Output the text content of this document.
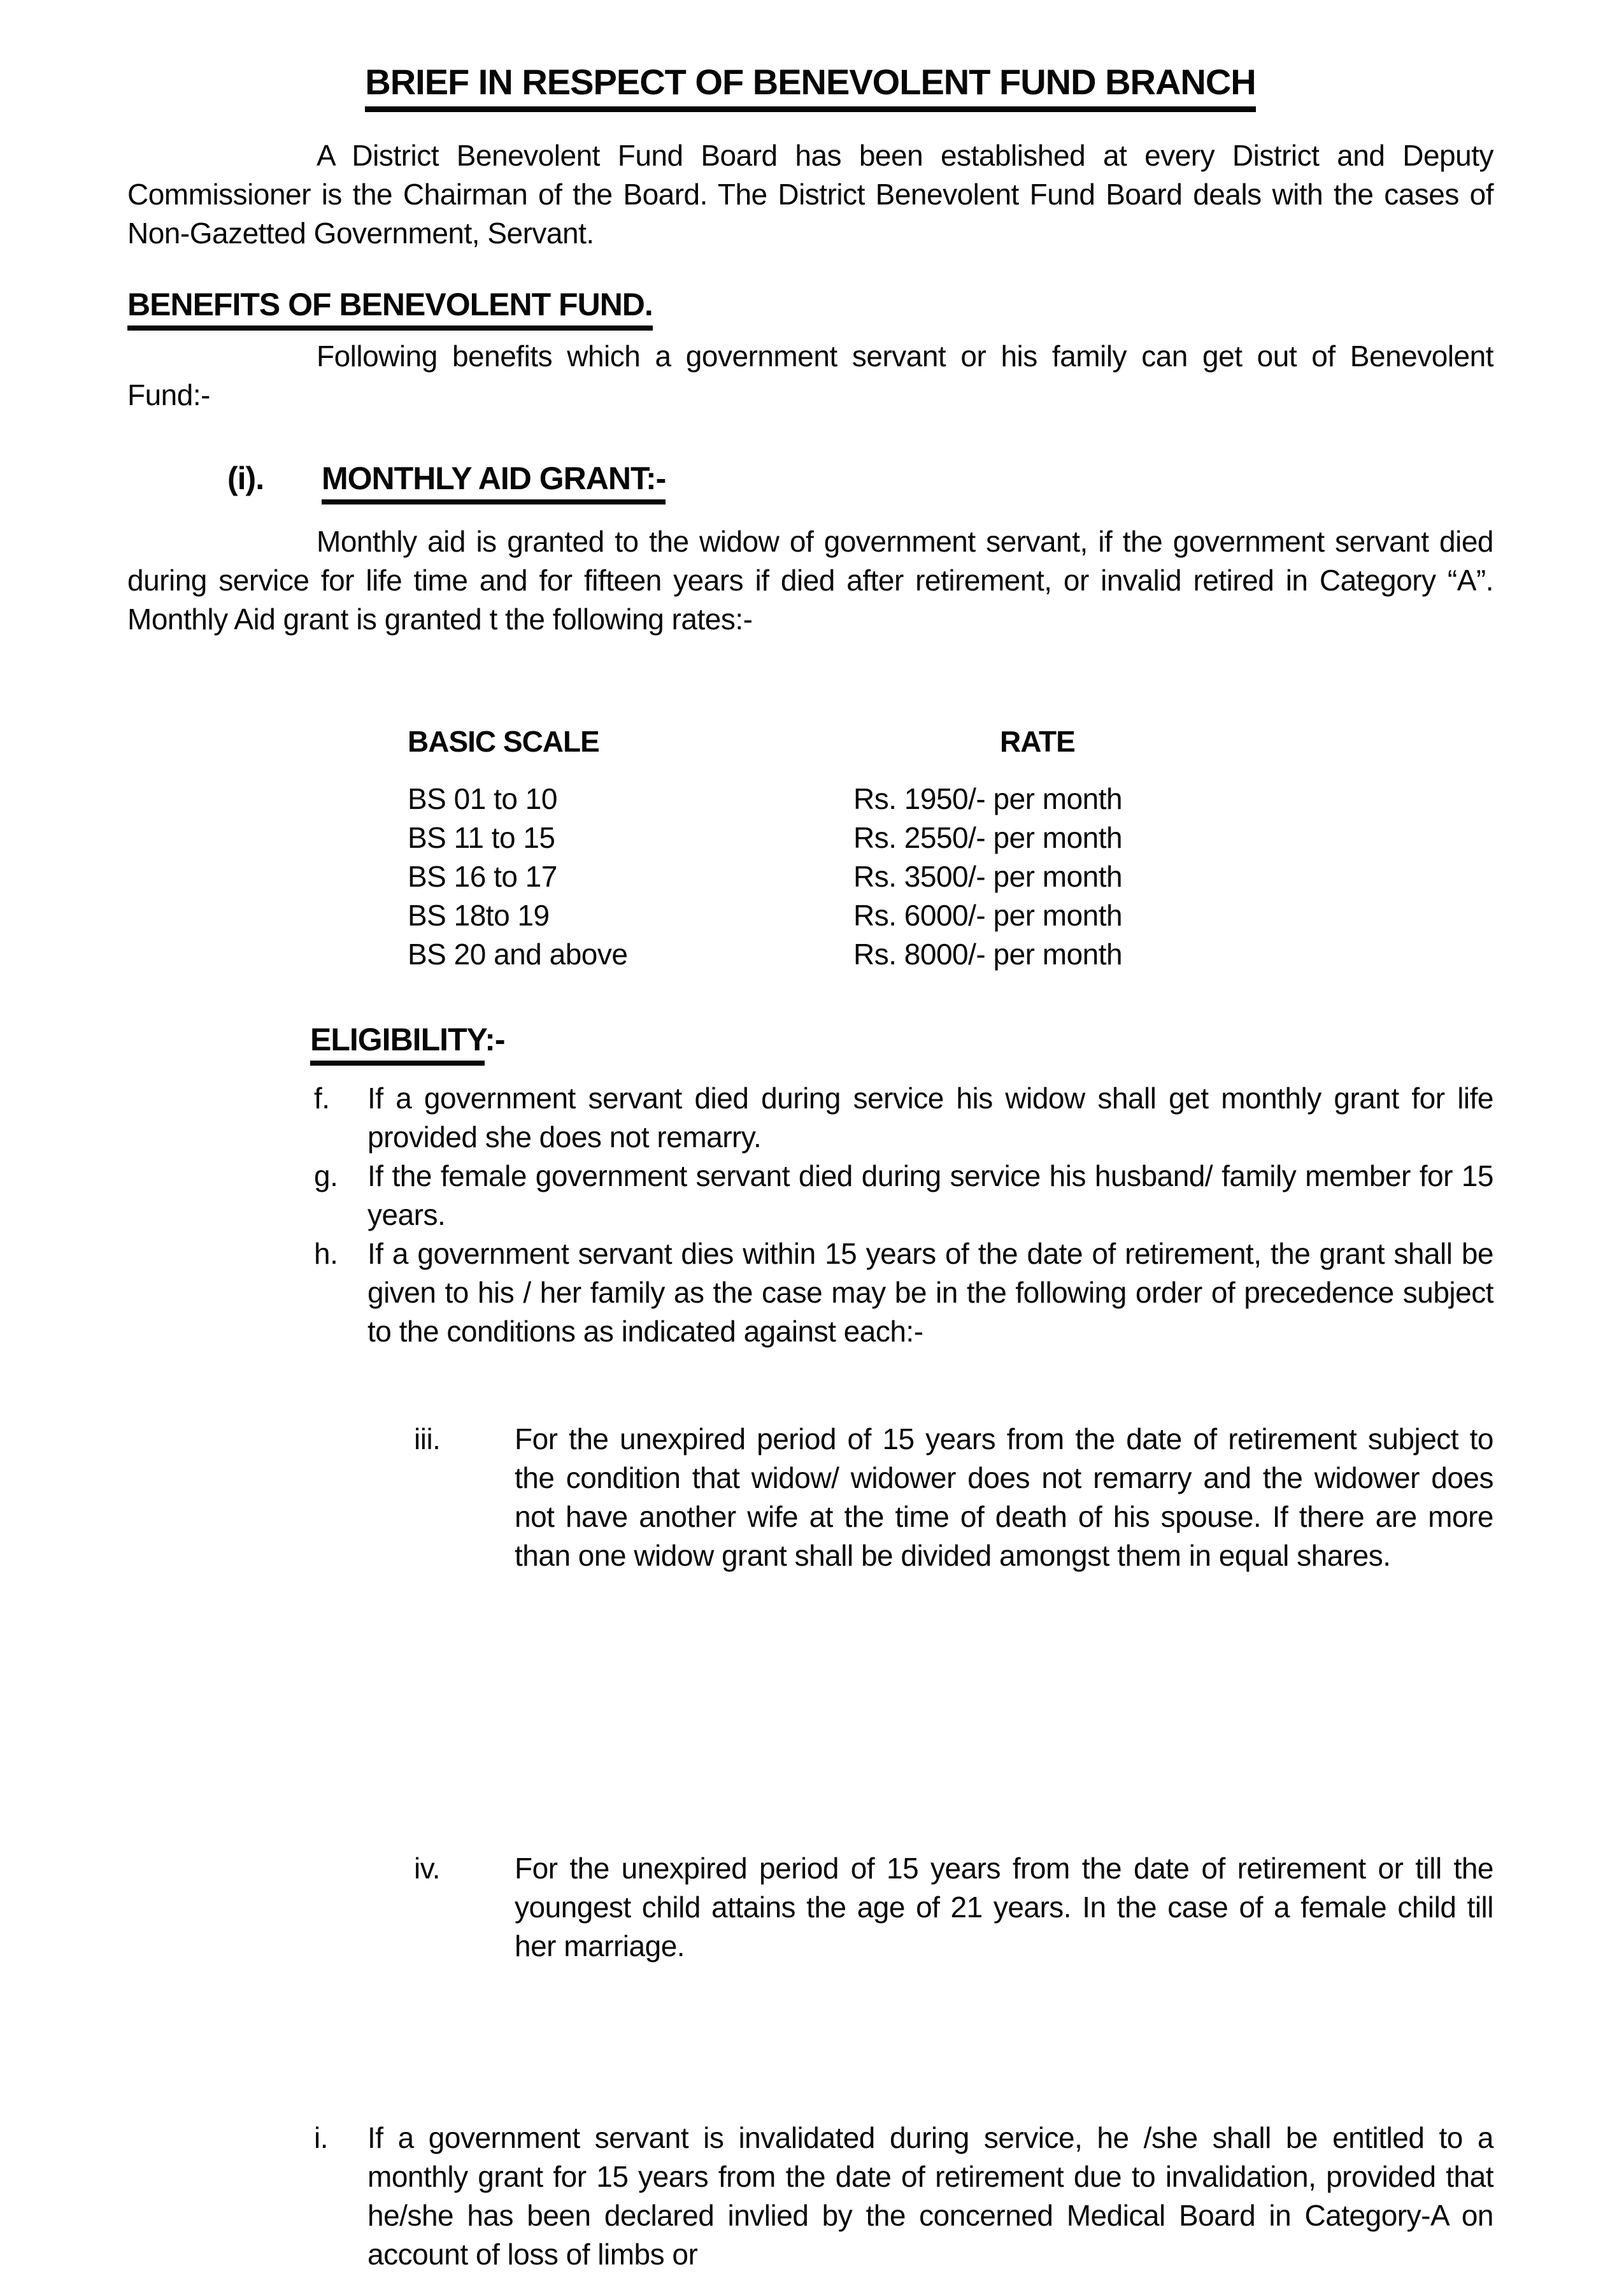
BRIEF IN RESPECT OF BENEVOLENT FUND BRANCH
A District Benevolent Fund Board has been established at every District and Deputy Commissioner is the Chairman of the Board. The District Benevolent Fund Board deals with the cases of Non-Gazetted Government, Servant.
BENEFITS OF BENEVOLENT FUND.
Following benefits which a government servant or his family can get out of Benevolent Fund:-
(i). MONTHLY AID GRANT:-
Monthly aid is granted to the widow of government servant, if the government servant died during service for life time and for fifteen years if died after retirement, or invalid retired in Category “A”. Monthly Aid grant is granted t the following rates:-
BASIC SCALE	RATE
BS 01 to 10	Rs. 1950/- per month
BS 11 to 15	Rs. 2550/- per month
BS 16 to 17	Rs. 3500/- per month
BS 18to 19	Rs. 6000/- per month
BS 20 and above	Rs. 8000/- per month
ELIGIBILITY:-
f. If a government servant died during service his widow shall get monthly grant for life provided she does not remarry.
g. If the female government servant died during service his husband/ family member for 15 years.
h. If a government servant dies within 15 years of the date of retirement, the grant shall be given to his / her family as the case may be in the following order of precedence subject to the conditions as indicated against each:-
iii.	For the unexpired period of 15 years from the date of retirement subject to the condition that widow/ widower does not remarry and the widower does not have another wife at the time of death of his spouse. If there are more than one widow grant shall be divided amongst them in equal shares.
iv.	For the unexpired period of 15 years from the date of retirement or till the youngest child attains the age of 21 years. In the case of a female child till her marriage.
i. If a government servant is invalidated during service, he /she shall be entitled to a monthly grant for 15 years from the date of retirement due to invalidation, provided that he/she has been declared invlied by the concerned Medical Board in Category-A on account of loss of limbs or
